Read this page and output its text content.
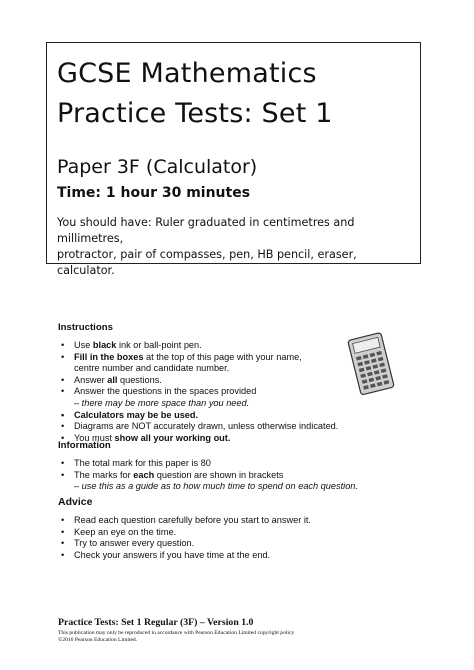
GCSE Mathematics
Practice Tests: Set 1
Paper 3F (Calculator)
Time: 1 hour 30 minutes
You should have: Ruler graduated in centimetres and millimetres,
protractor, pair of compasses, pen, HB pencil, eraser, calculator.
Instructions
• Use black ink or ball-point pen.
• Fill in the boxes at the top of this page with your name,
centre number and candidate number.
• Answer all questions.
• Answer the questions in the spaces provided
– there may be more space than you need.
• Calculators may be be used.
• Diagrams are NOT accurately drawn, unless otherwise indicated.
• You must show all your working out.
Information
• The total mark for this paper is 80
• The marks for each question are shown in brackets
– use this as a guide as to how much time to spend on each question.
Advice
• Read each question carefully before you start to answer it.
• Keep an eye on the time.
• Try to answer every question.
• Check your answers if you have time at the end.
Practice Tests: Set 1 Regular (3F) – Version 1.0
This publication may only be reproduced in accordance with Pearson Education Limited copyright policy
©2016 Pearson Education Limited.
